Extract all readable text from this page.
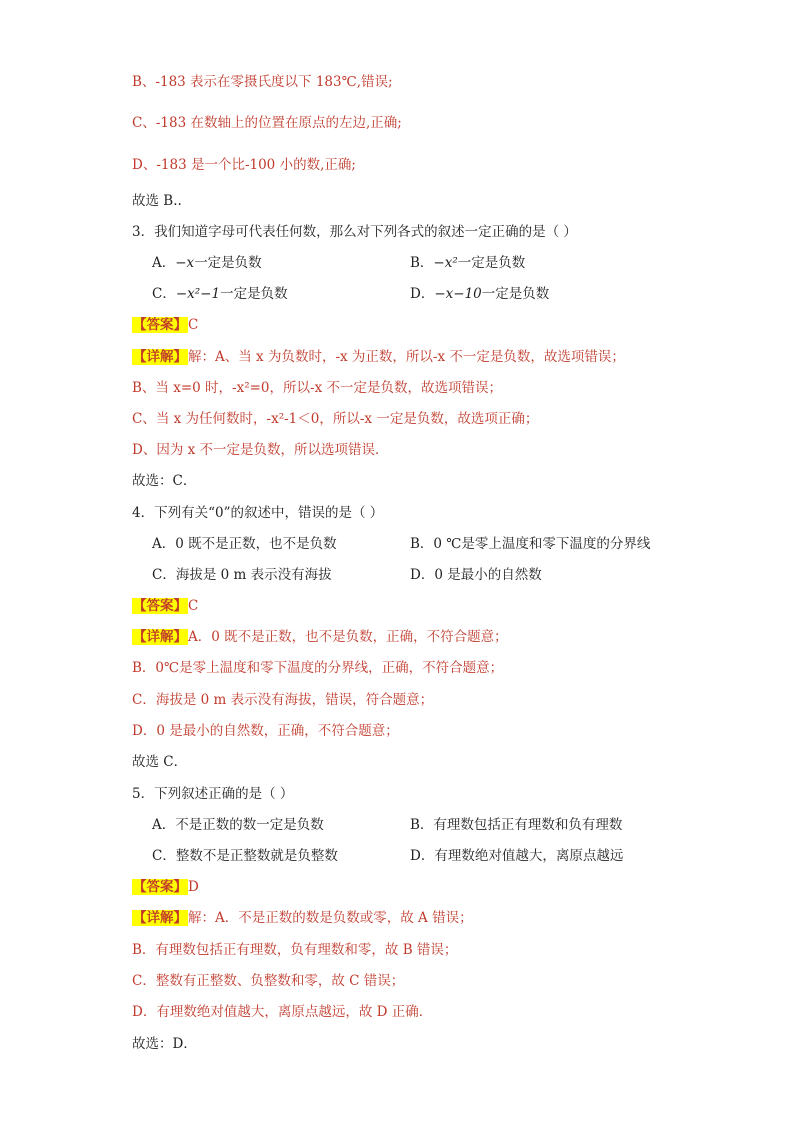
B、-183 表示在零摄氏度以下 183℃,错误;
C、-183 在数轴上的位置在原点的左边,正确;
D、-183 是一个比-100 小的数,正确;
故选 B..
3．我们知道字母可代表任何数，那么对下列各式的叙述一定正确的是（ ）
A．−x一定是负数	B．−x²一定是负数
C．−x²−1一定是负数	D．−x−10一定是负数
【答案】C
【详解】解：A、当 x 为负数时，-x 为正数，所以-x 不一定是负数，故选项错误；
B、当 x=0 时，-x²=0，所以-x 不一定是负数，故选项错误；
C、当 x 为任何数时，-x²-1＜0，所以-x 一定是负数，故选项正确；
D、因为 x 不一定是负数，所以选项错误．
故选：C．
4．下列有关“0”的叙述中，错误的是（ ）
A．0 既不是正数，也不是负数	B．0 ℃是零上温度和零下温度的分界线
C．海拔是 0 m 表示没有海拔	D．0 是最小的自然数
【答案】C
【详解】A．0 既不是正数，也不是负数，正确，不符合题意；
B．0℃是零上温度和零下温度的分界线，正确，不符合题意；
C．海拔是 0 m 表示没有海拔，错误，符合题意；
D．0 是最小的自然数，正确，不符合题意；
故选 C．
5．下列叙述正确的是（ ）
A．不是正数的数一定是负数	B．有理数包括正有理数和负有理数
C．整数不是正整数就是负整数	D．有理数绝对值越大，离原点越远
【答案】D
【详解】解：A．不是正数的数是负数或零，故 A 错误；
B．有理数包括正有理数，负有理数和零，故 B 错误；
C．整数有正整数、负整数和零，故 C 错误；
D．有理数绝对值越大，离原点越远，故 D 正确．
故选：D．
